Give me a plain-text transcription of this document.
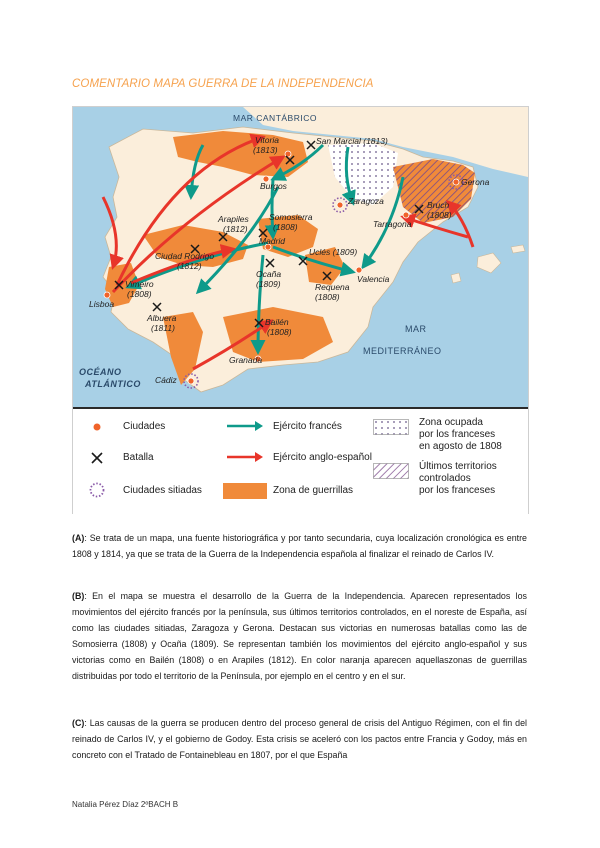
COMENTARIO MAPA GUERRA DE LA INDEPENDENCIA
MAR CANTÁBRICO
OCÉANO
ATLÁNTICO
MAR
MEDITERRÁNEO
Vitoria
(1813)
San Marcial (1813)
Burgos
Zaragoza
Gerona
Bruch
(1808)
Tarragona
Arapiles
(1812)
Somosierra
(1808)
Madrid
Uclés (1809)
Ciudad Rodrigo
(1812)
Ocaña
(1809)	Requena
(1808)
Valencia
Vimeiro
(1808)
Lisboa
Albuera
(1811)
Bailén
(1808)
Granada
Cádiz
Ciudades
Batalla
Ciudades sitiadas
Ejército francés
Ejército anglo-español
Zona de guerrillas
Zona ocupada
por los franceses
en agosto de 1808
Últimos territorios
controlados
por los franceses

(A): Se trata de un mapa, una fuente historiográfica y por tanto secundaria, cuya localización cronológica es entre 1808 y 1814, ya que se trata de la Guerra de la Independencia española al finalizar el reinado de Carlos IV.

(B): En el mapa se muestra el desarrollo de la Guerra de la Independencia. Aparecen representados los movimientos del ejército francés por la península, sus últimos territorios controlados, en el noreste de España, así como las ciudades sitiadas, Zaragoza y Gerona. Destacan sus victorias en numerosas batallas como las de Somosierra (1808) y Ocaña (1809). Se representan también los movimientos del ejército anglo-español y sus victorias como en Bailén (1808) o en Arapiles (1812). En color naranja aparecen aquellaszonas de guerrillas distribuidas por todo el territorio de la Península, por ejemplo en el centro y en el sur.

(C): Las causas de la guerra se producen dentro del proceso general de crisis del Antiguo Régimen, con el fin del reinado de Carlos IV, y el gobierno de Godoy. Esta crisis se aceleró con los pactos entre Francia y Godoy, más en concreto con el Tratado de Fontainebleau en 1807, por el que España

Natalia Pérez Díaz 2ºBACH B
